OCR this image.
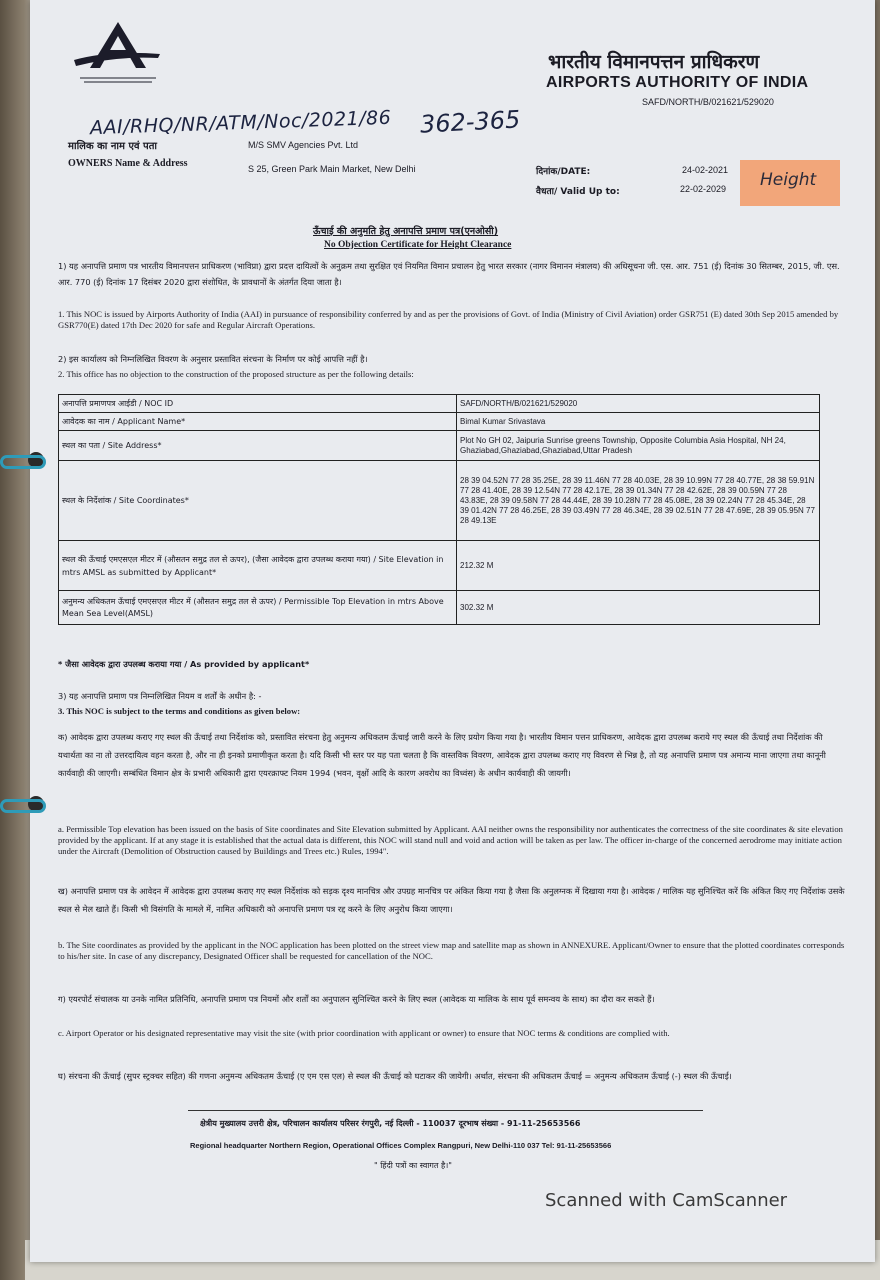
भारतीय विमानपत्तन प्राधिकरण
AIRPORTS AUTHORITY OF INDIA
SAFD/NORTH/B/021621/529020
AAI/RHQ/NR/ATM/Noc/2021/86 362-365
मालिक का नाम एवं पता
OWNERS Name & Address
M/S SMV Agencies Pvt. Ltd
S 25, Green Park Main Market, New Delhi	दिनांक/DATE:	24-02-2021
वैधता/ Valid Up to:	22-02-2029
ऊँचाई की अनुमति हेतु अनापत्ति प्रमाण पत्र(एनओसी)
No Objection Certificate for Height Clearance
1) यह अनापत्ति प्रमाण पत्र भारतीय विमानपत्तन प्राधिकरण (भाविप्रा) द्वारा प्रदत्त दायित्वों के अनुक्रम तथा सुरक्षित एवं नियमित विमान प्रचालन हेतु भारत सरकार (नागर विमानन मंत्रालय) की अधिसूचना जी. एस. आर. 751 (ई) दिनांक 30 सितम्बर, 2015, जी. एस. आर. 770 (ई) दिनांक 17 दिसंबर 2020 द्वारा संशोधित, के प्रावधानों के अंतर्गत दिया जाता है।
1. This NOC is issued by Airports Authority of India (AAI) in pursuance of responsibility conferred by and as per the provisions of Govt. of India (Ministry of Civil Aviation) order GSR751 (E) dated 30th Sep 2015 amended by GSR770(E) dated 17th Dec 2020 for safe and Regular Aircraft Operations.
2) इस कार्यालय को निम्नलिखित विवरण के अनुसार प्रस्तावित संरचना के निर्माण पर कोई आपत्ति नहीं है।
2. This office has no objection to the construction of the proposed structure as per the following details:
अनापत्ति प्रमाणपत्र आईडी / NOC ID	SAFD/NORTH/B/021621/529020
आवेदक का नाम / Applicant Name*	Bimal Kumar Srivastava
स्थल का पता / Site Address*	Plot No GH 02, Jaipuria Sunrise greens Township, Opposite Columbia Asia Hospital, NH 24, Ghaziabad,Ghaziabad,Ghaziabad,Uttar Pradesh
स्थल के निर्देशांक / Site Coordinates*	28 39 04.52N 77 28 35.25E, 28 39 11.46N 77 28 40.03E, 28 39 10.99N 77 28 40.77E, 28 38 59.91N 77 28 41.40E, 28 39 12.54N 77 28 42.17E, 28 39 01.34N 77 28 42.62E, 28 39 00.59N 77 28 43.83E, 28 39 09.58N 77 28 44.44E, 28 39 10.28N 77 28 45.08E, 28 39 02.24N 77 28 45.34E, 28 39 01.42N 77 28 46.25E, 28 39 03.49N 77 28 46.34E, 28 39 02.51N 77 28 47.69E, 28 39 05.95N 77 28 49.13E
स्थल की ऊँचाई एमएसएल मीटर में (औसतन समुद्र तल से ऊपर), (जैसा आवेदक द्वारा उपलब्ध कराया गया) / Site Elevation in mtrs AMSL as submitted by Applicant*	212.32 M
अनुमन्य अधिकतम ऊँचाई एमएसएल मीटर में (औसतन समुद्र तल से ऊपर) / Permissible Top Elevation in mtrs Above Mean Sea Level(AMSL)	302.32 M
* जैसा आवेदक द्वारा उपलब्ध कराया गया / As provided by applicant*
3) यह अनापत्ति प्रमाण पत्र निम्नलिखित नियम व शर्तों के अधीन है: -
3. This NOC is subject to the terms and conditions as given below:
क) आवेदक द्वारा उपलब्ध कराए गए स्थल की ऊँचाई तथा निर्देशांक को, प्रस्तावित संरचना हेतु अनुमन्य अधिकतम ऊँचाई जारी करने के लिए प्रयोग किया गया है। भारतीय विमान पत्तन प्राधिकरण, आवेदक द्वारा उपलब्ध कराये गए स्थल की ऊँचाई तथा निर्देशांक की यथार्थता का ना तो उत्तरदायित्व वहन करता है, और ना ही इनको प्रमाणीकृत करता है। यदि किसी भी स्तर पर यह पता चलता है कि वास्तविक विवरण, आवेदक द्वारा उपलब्ध कराए गए विवरण से भिन्न है, तो यह अनापत्ति प्रमाण पत्र अमान्य माना जाएगा तथा कानूनी कार्यवाही की जाएगी। सम्बंधित विमान क्षेत्र के प्रभारी अधिकारी द्वारा एयरक्राफ्ट नियम 1994 (भवन, वृक्षों आदि के कारण अवरोध का विध्वंस) के अधीन कार्यवाही की जायगी।
a. Permissible Top elevation has been issued on the basis of Site coordinates and Site Elevation submitted by Applicant. AAI neither owns the responsibility nor authenticates the correctness of the site coordinates & site elevation provided by the applicant. If at any stage it is established that the actual data is different, this NOC will stand null and void and action will be taken as per law. The officer in-charge of the concerned aerodrome may initiate action under the Aircraft (Demolition of Obstruction caused by Buildings and Trees etc.) Rules, 1994".
ख) अनापत्ति प्रमाण पत्र के आवेदन में आवेदक द्वारा उपलब्ध कराए गए स्थल निर्देशांक को सड़क दृश्य मानचित्र और उपग्रह मानचित्र पर अंकित किया गया है जैसा कि अनुलग्नक में दिखाया गया है। आवेदक / मालिक यह सुनिश्चित करें कि अंकित किए गए निर्देशांक उसके स्थल से मेल खाते हैं। किसी भी विसंगति के मामले में, नामित अधिकारी को अनापत्ति प्रमाण पत्र रद्द करने के लिए अनुरोध किया जाएगा।
b. The Site coordinates as provided by the applicant in the NOC application has been plotted on the street view map and satellite map as shown in ANNEXURE. Applicant/Owner to ensure that the plotted coordinates corresponds to his/her site. In case of any discrepancy, Designated Officer shall be requested for cancellation of the NOC.
ग) एयरपोर्ट संचालक या उनके नामित प्रतिनिधि, अनापत्ति प्रमाण पत्र नियमों और शर्तों का अनुपालन सुनिश्चित करने के लिए स्थल (आवेदक या मालिक के साथ पूर्व समन्वय के साथ) का दौरा कर सकते हैं।
c. Airport Operator or his designated representative may visit the site (with prior coordination with applicant or owner) to ensure that NOC terms & conditions are complied with.
घ) संरचना की ऊँचाई (सुपर स्ट्रक्चर सहित) की गणना अनुमन्य अधिकतम ऊँचाई (ए एम एस एल) से स्थल की ऊँचाई को घटाकर की जायेगी। अर्थात, संरचना की अधिकतम ऊँचाई = अनुमन्य अधिकतम ऊँचाई (-) स्थल की ऊँचाई।
क्षेत्रीय मुख्यालय उत्तरी क्षेत्र, परिचालन कार्यालय परिसर रंगपुरी, नई दिल्ली - 110037 दूरभाष संख्या - 91-11-25653566
Regional headquarter Northern Region, Operational Offices Complex Rangpuri, New Delhi-110 037 Tel: 91-11-25653566
" हिंदी पत्रों का स्वागत है।"
Scanned with CamScanner
Height
